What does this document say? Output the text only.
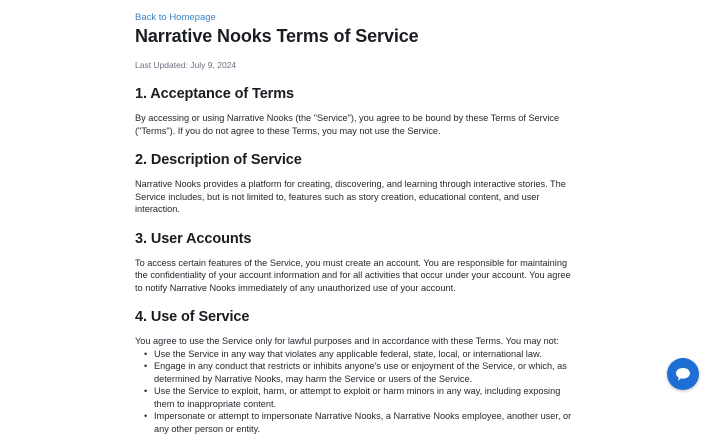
Back to Homepage
Narrative Nooks Terms of Service
Last Updated: July 9, 2024
1. Acceptance of Terms

By accessing or using Narrative Nooks (the "Service"), you agree to be bound by these Terms of Service ("Terms"). If you do not agree to these Terms, you may not use the Service.

2. Description of Service

Narrative Nooks provides a platform for creating, discovering, and learning through interactive stories. The Service includes, but is not limited to, features such as story creation, educational content, and user interaction.

3. User Accounts

To access certain features of the Service, you must create an account. You are responsible for maintaining the confidentiality of your account information and for all activities that occur under your account. You agree to notify Narrative Nooks immediately of any unauthorized use of your account.

4. Use of Service

You agree to use the Service only for lawful purposes and in accordance with these Terms. You may not:

• Use the Service in any way that violates any applicable federal, state, local, or international law.
• Engage in any conduct that restricts or inhibits anyone's use or enjoyment of the Service, or which, as determined by Narrative Nooks, may harm the Service or users of the Service.
• Use the Service to exploit, harm, or attempt to exploit or harm minors in any way, including exposing them to inappropriate content.
• Impersonate or attempt to impersonate Narrative Nooks, a Narrative Nooks employee, another user, or any other person or entity.
